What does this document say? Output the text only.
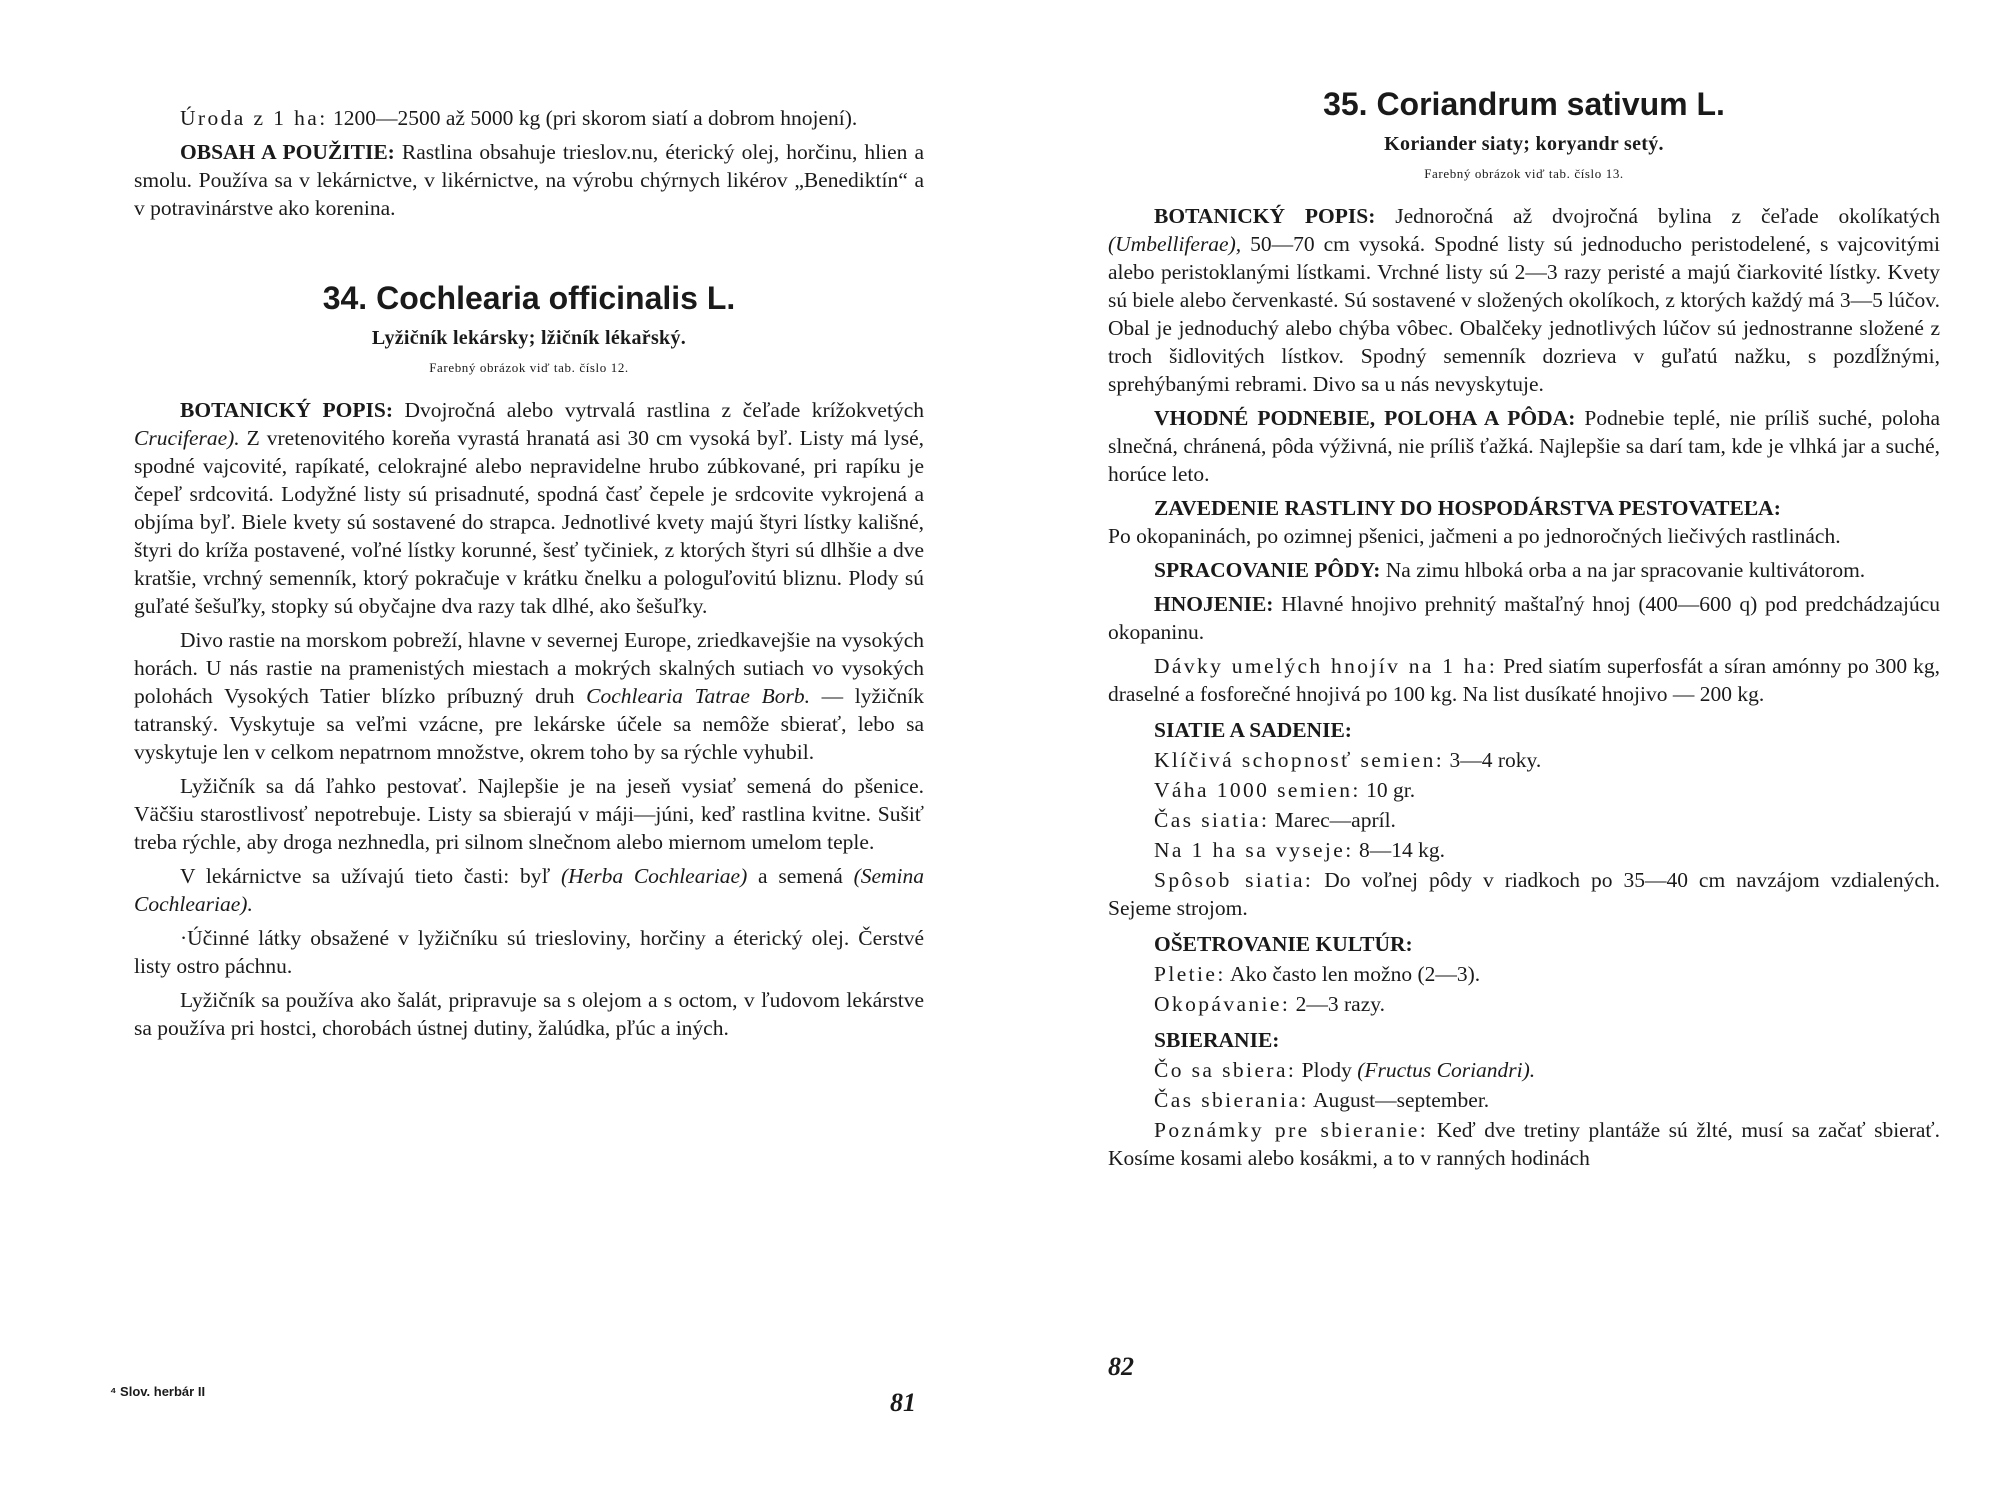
Úroda z 1 ha: 1200—2500 až 5000 kg (pri skorom siatí a dobrom hnojení).

OBSAH A POUŽITIE: Rastlina obsahuje trieslov.nu, éterický olej, horčinu, hlien a smolu. Používa sa v lekárnictve, v likérnictve, na výrobu chýrnych likérov „Benediktín“ a v potravinárstve ako korenina.

34. Cochlearia officinalis L.
Lyžičník lekársky; lžičník lékařský.
Farebný obrázok viď tab. číslo 12.

BOTANICKÝ POPIS: Dvojročná alebo vytrvalá rastlina z čeľade krížokvetých Cruciferae). Z vretenovitého koreňa vyrastá hranatá asi 30 cm vysoká byľ. Listy má lysé, spodné vajcovité, rapíkaté, celokrajné alebo nepravidelne hrubo zúbkované, pri rapíku je čepeľ srdcovitá. Lodyžné listy sú prisadnuté, spodná časť čepele je srdcovite vykrojená a objíma byľ. Biele kvety sú sostavené do strapca. Jednotlivé kvety majú štyri lístky kališné, štyri do kríža postavené, voľné lístky korunné, šesť tyčiniek, z ktorých štyri sú dlhšie a dve kratšie, vrchný semenník, ktorý pokračuje v krátku čnelku a pologuľovitú bliznu. Plody sú guľaté šešuľky, stopky sú obyčajne dva razy tak dlhé, ako šešuľky.

Divo rastie na morskom pobreží, hlavne v severnej Europe, zriedkavejšie na vysokých horách. U nás rastie na pramenistých miestach a mokrých skalných sutiach vo vysokých polohách Vysokých Tatier blízko príbuzný druh Cochlearia Tatrae Borb. — lyžičník tatranský. Vyskytuje sa veľmi vzácne, pre lekárske účele sa nemôže sbierať, lebo sa vyskytuje len v celkom nepatrnom množstve, okrem toho by sa rýchle vyhubil.

Lyžičník sa dá ľahko pestovať. Najlepšie je na jeseň vysiať semená do pšenice. Väčšiu starostlivosť nepotrebuje. Listy sa sbierajú v máji—júni, keď rastlina kvitne. Sušiť treba rýchle, aby droga nezhnedla, pri silnom slnečnom alebo miernom umelom teple.

V lekárnictve sa užívajú tieto časti: byľ (Herba Cochleariae) a semená (Semina Cochleariae).

·Účinné látky obsažené v lyžičníku sú triesloviny, horčiny a éterický olej. Čerstvé listy ostro páchnu.

Lyžičník sa používa ako šalát, pripravuje sa s olejom a s octom, v ľudovom lekárstve sa používa pri hostci, chorobách ústnej dutiny, žalúdka, pľúc a iných.

⁴ Slov. herbár II	81
35. Coriandrum sativum L.
Koriander siaty; koryandr setý.
Farebný obrázok viď tab. číslo 13.

BOTANICKÝ POPIS: Jednoročná až dvojročná bylina z čeľade okolíkatých (Umbelliferae), 50—70 cm vysoká. Spodné listy sú jednoducho peristodelené, s vajcovitými alebo peristoklanými lístkami. Vrchné listy sú 2—3 razy peristé a majú čiarkovité lístky. Kvety sú biele alebo červenkasté. Sú sostavené v složených okolíkoch, z ktorých každý má 3—5 lúčov. Obal je jednoduchý alebo chýba vôbec. Obalčeky jednotlivých lúčov sú jednostranne složené z troch šidlovitých lístkov. Spodný semenník dozrieva v guľatú nažku, s pozdĺžnými, sprehýbanými rebrami. Divo sa u nás nevyskytuje.

VHODNÉ PODNEBIE, POLOHA A PÔDA: Podnebie teplé, nie príliš suché, poloha slnečná, chránená, pôda výživná, nie príliš ťažká. Najlepšie sa darí tam, kde je vlhká jar a suché, horúce leto.

ZAVEDENIE RASTLINY DO HOSPODÁRSTVA PESTOVATEĽA:
Po okopaninách, po ozimnej pšenici, jačmeni a po jednoročných liečivých rastlinách.

SPRACOVANIE PÔDY: Na zimu hlboká orba a na jar spracovanie kultivátorom.

HNOJENIE: Hlavné hnojivo prehnitý maštaľný hnoj (400—600 q) pod predchádzajúcu okopaninu.

Dávky umelých hnojív na 1 ha: Pred siatím superfosfát a síran amónny po 300 kg, draselné a fosforečné hnojivá po 100 kg. Na list dusíkaté hnojivo — 200 kg.

SIATIE A SADENIE:

Klíčivá schopnosť semien: 3—4 roky.

Váha 1000 semien: 10 gr.

Čas siatia: Marec—apríl.

Na 1 ha sa vyseje: 8—14 kg.

Spôsob siatia: Do voľnej pôdy v riadkoch po 35—40 cm navzájom vzdialených. Sejeme strojom.

OŠETROVANIE KULTÚR:

Pletie: Ako často len možno (2—3).

Okopávanie: 2—3 razy.

SBIERANIE:

Čo sa sbiera: Plody (Fructus Coriandri).

Čas sbierania: August—september.

Poznámky pre sbieranie: Keď dve tretiny plantáže sú žlté, musí sa začať sbierať. Kosíme kosami alebo kosákmi, a to v ranných hodinách

82
